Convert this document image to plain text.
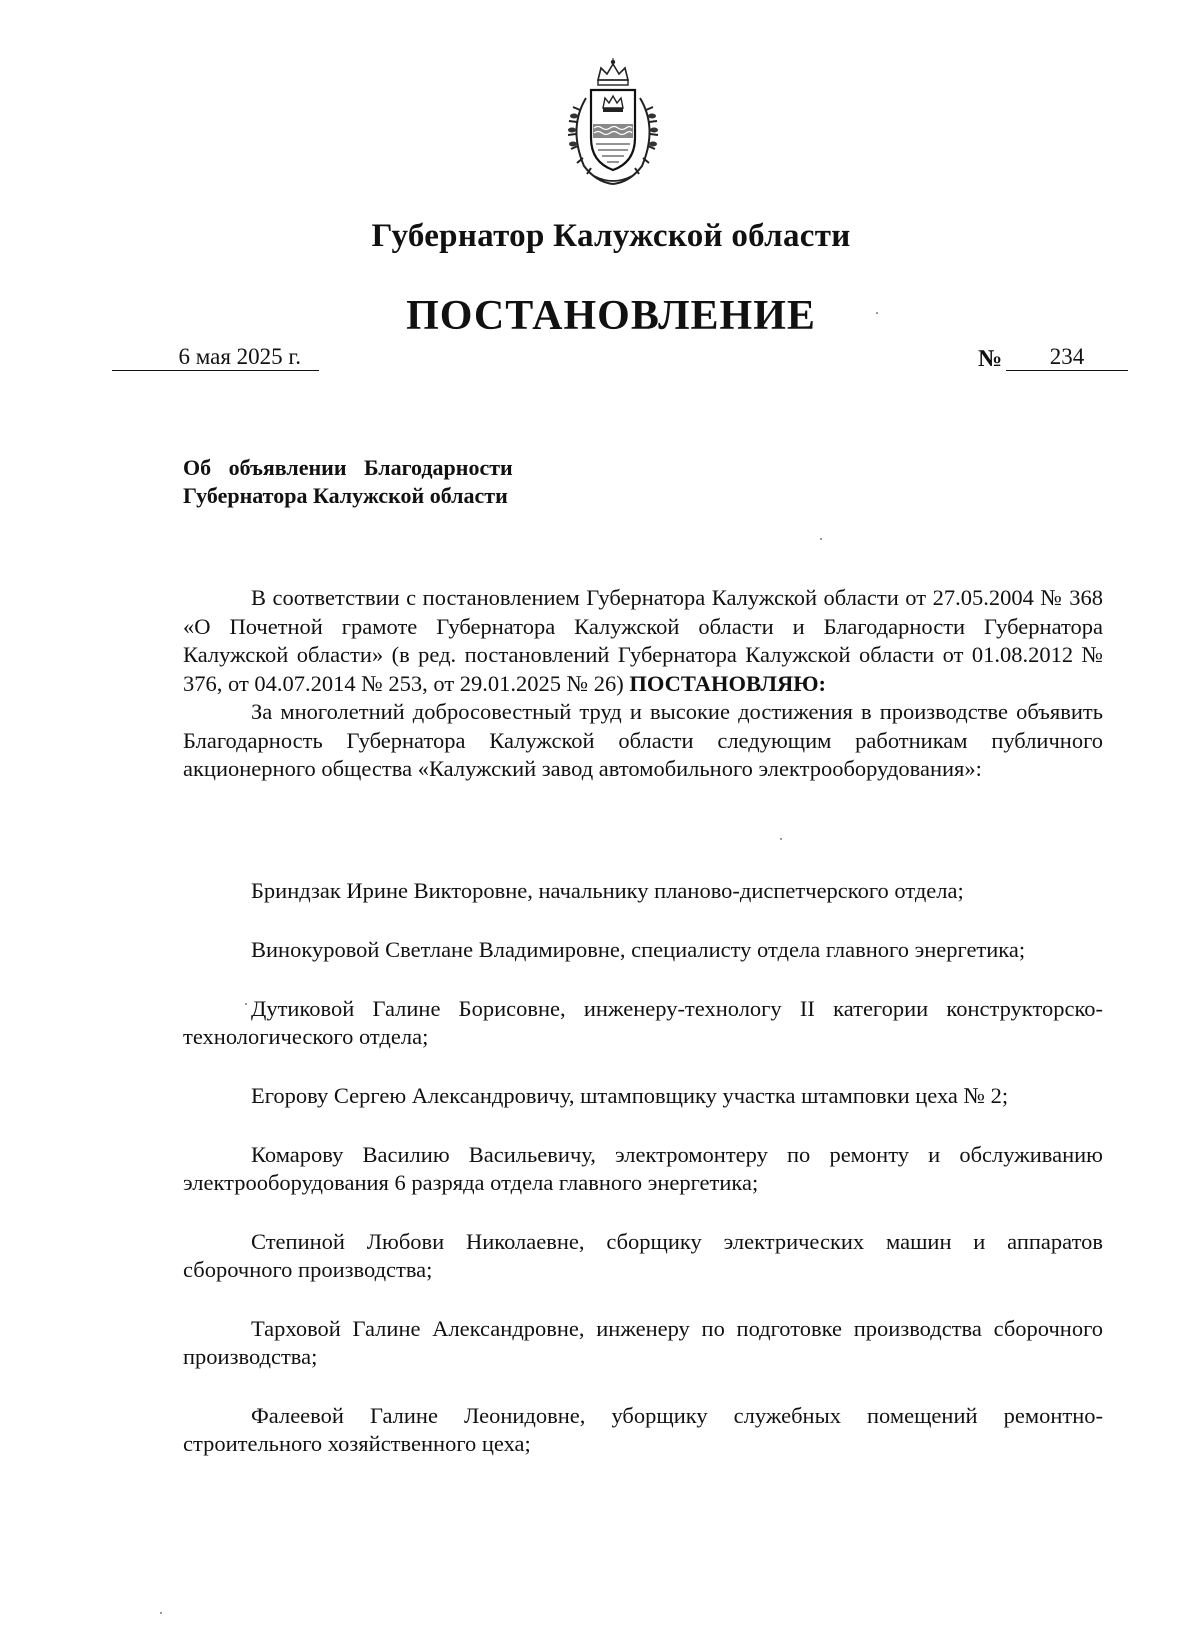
Губернатор Калужской области
ПОСТАНОВЛЕНИЕ
6 мая 2025 г.	№	234
Об объявлении Благодарности
Губернатора Калужской области

В соответствии с постановлением Губернатора Калужской области от 27.05.2004 № 368 «О Почетной грамоте Губернатора Калужской области и Благодарности Губернатора Калужской области» (в ред. постановлений Губернатора Калужской области от 01.08.2012 № 376, от 04.07.2014 № 253, от 29.01.2025 № 26) ПОСТАНОВЛЯЮ:

За многолетний добросовестный труд и высокие достижения в производстве объявить Благодарность Губернатора Калужской области следующим работникам публичного акционерного общества «Калужский завод автомобильного электрооборудования»:

Бриндзак Ирине Викторовне, начальнику планово-диспетчерского отдела;

Винокуровой Светлане Владимировне, специалисту отдела главного энергетика;

Дутиковой Галине Борисовне, инженеру-технологу II категории конструкторско-технологического отдела;

Егорову Сергею Александровичу, штамповщику участка штамповки цеха № 2;

Комарову Василию Васильевичу, электромонтеру по ремонту и обслуживанию электрооборудования 6 разряда отдела главного энергетика;

Степиной Любови Николаевне, сборщику электрических машин и аппаратов сборочного производства;

Тарховой Галине Александровне, инженеру по подготовке производства сборочного производства;

Фалеевой Галине Леонидовне, уборщику служебных помещений ремонтно-строительного хозяйственного цеха;
